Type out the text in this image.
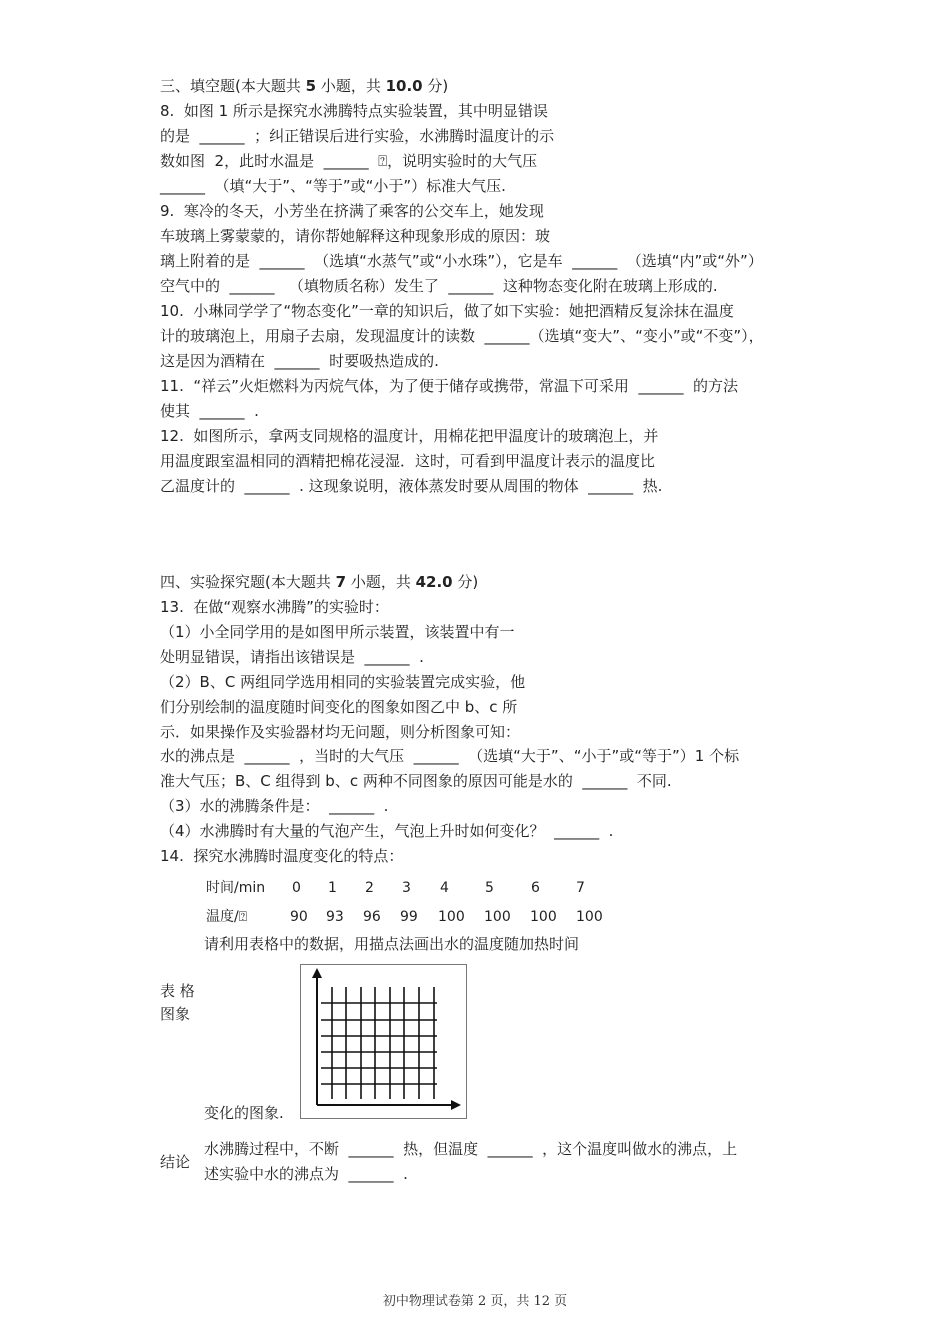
三、填空题(本大题共 5 小题，共 10.0 分)
8.  如图 1 所示是探究水沸腾特点实验装置，其中明显错误
的是  ______  ；纠正错误后进行实验，水沸腾时温度计的示
数如图  2，此时水温是  ______  ⍰，说明实验时的大气压
______  （填“大于”、“等于”或“小于”）标准大气压.
9.  寒冷的冬天，小芳坐在挤满了乘客的公交车上，她发现
车玻璃上雾蒙蒙的，请你帮她解释这种现象形成的原因：玻
璃上附着的是  ______  （选填“水蒸气”或“小水珠”），它是车  ______  （选填“内”或“外”）
空气中的  ______   （填物质名称）发生了  ______  这种物态变化附在玻璃上形成的.
10.  小琳同学学了“物态变化”一章的知识后，做了如下实验：她把酒精反复涂抹在温度
计的玻璃泡上，用扇子去扇，发现温度计的读数  ______（选填“变大”、“变小”或“不变”），
这是因为酒精在  ______  时要吸热造成的.
11.  “祥云”火炬燃料为丙烷气体，为了便于储存或携带，常温下可采用  ______  的方法
使其  ______  .
12.  如图所示，拿两支同规格的温度计，用棉花把甲温度计的玻璃泡上，并
用温度跟室温相同的酒精把棉花浸湿．这时，可看到甲温度计表示的温度比
乙温度计的  ______  . 这现象说明，液体蒸发时要从周围的物体  ______  热.
四、实验探究题(本大题共 7 小题，共 42.0 分)
13.  在做“观察水沸腾”的实验时：
（1）小全同学用的是如图甲所示装置，该装置中有一
处明显错误，请指出该错误是  ______  .
（2）B、C 两组同学选用相同的实验装置完成实验，他
们分别绘制的温度随时间变化的图象如图乙中 b、c 所
示．如果操作及实验器材均无问题，则分析图象可知：
水的沸点是  ______  ，当时的大气压  ______  （选填“大于”、“小于”或“等于”）1 个标
准大气压；B、C 组得到 b、c 两种不同图象的原因可能是水的  ______  不同.
（3）水的沸腾条件是：  ______  .
（4）水沸腾时有大量的气泡产生，气泡上升时如何变化？  ______  .
14.  探究水沸腾时温度变化的特点：
时间/min 0 1 2 3 4	5	6	7
温度/⍰	90 93 96 99 100 100 100 100
请利用表格中的数据，用描点法画出水的温度随加热时间
表 格
图象
变化的图象.
结论
水沸腾过程中，不断  ______  热，但温度  ______  ，这个温度叫做水的沸点，上
述实验中水的沸点为  ______  .
初中物理试卷第 2 页，共 12 页
